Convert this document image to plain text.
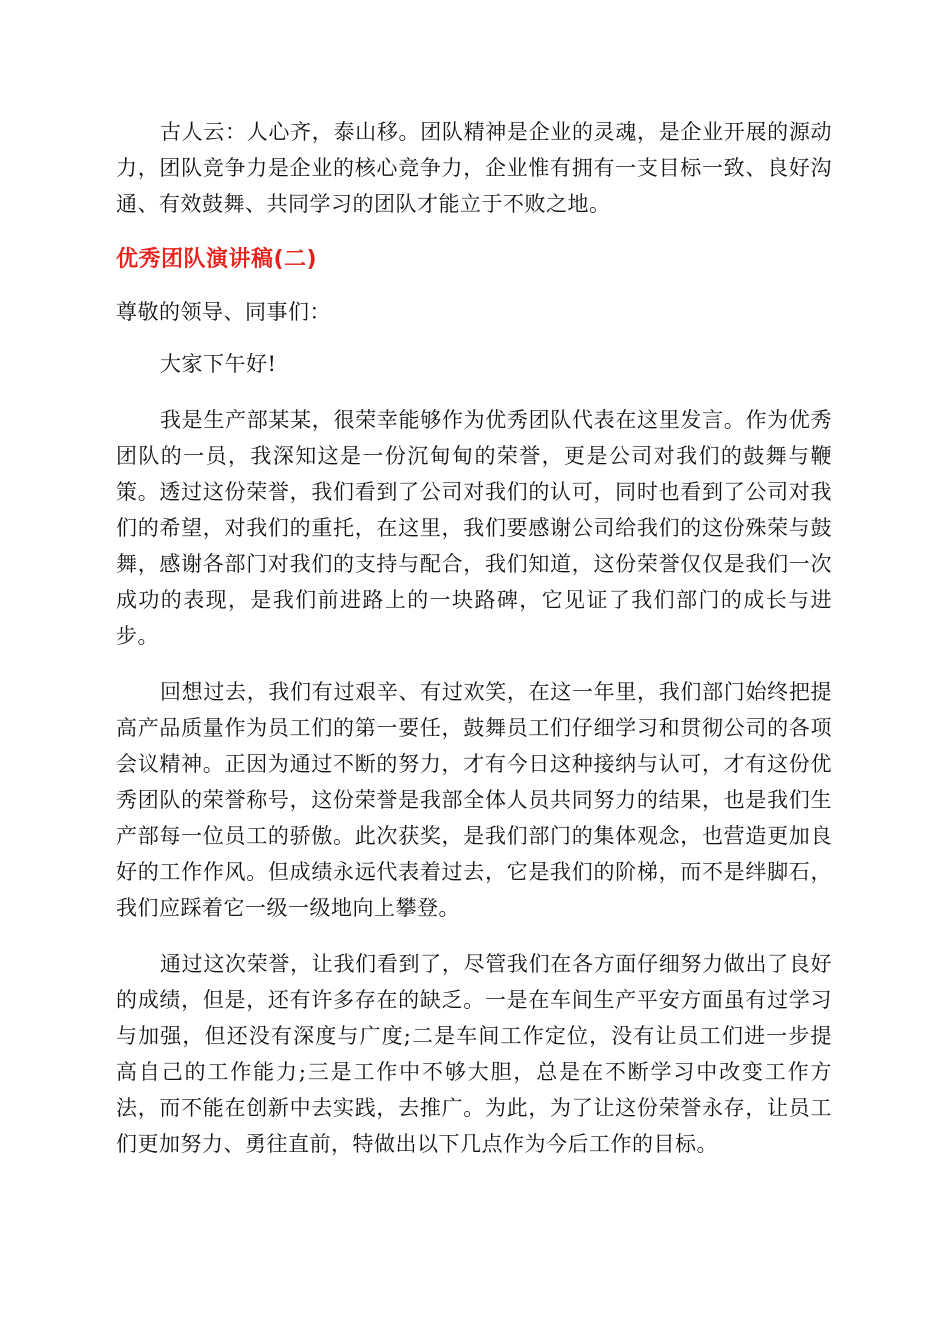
古人云：人心齐，泰山移。团队精神是企业的灵魂，是企业开展的源动力，团队竞争力是企业的核心竞争力，企业惟有拥有一支目标一致、良好沟通、有效鼓舞、共同学习的团队才能立于不败之地。

优秀团队演讲稿(二)

尊敬的领导、同事们：

大家下午好!

我是生产部某某，很荣幸能够作为优秀团队代表在这里发言。作为优秀团队的一员，我深知这是一份沉甸甸的荣誉，更是公司对我们的鼓舞与鞭策。透过这份荣誉，我们看到了公司对我们的认可，同时也看到了公司对我们的希望，对我们的重托，在这里，我们要感谢公司给我们的这份殊荣与鼓舞，感谢各部门对我们的支持与配合，我们知道，这份荣誉仅仅是我们一次成功的表现，是我们前进路上的一块路碑，它见证了我们部门的成长与进步。

回想过去，我们有过艰辛、有过欢笑，在这一年里，我们部门始终把提高产品质量作为员工们的第一要任，鼓舞员工们仔细学习和贯彻公司的各项会议精神。正因为通过不断的努力，才有今日这种接纳与认可，才有这份优秀团队的荣誉称号，这份荣誉是我部全体人员共同努力的结果，也是我们生产部每一位员工的骄傲。此次获奖，是我们部门的集体观念，也营造更加良好的工作作风。但成绩永远代表着过去，它是我们的阶梯，而不是绊脚石，我们应踩着它一级一级地向上攀登。

通过这次荣誉，让我们看到了，尽管我们在各方面仔细努力做出了良好的成绩，但是，还有许多存在的缺乏。一是在车间生产平安方面虽有过学习与加强，但还没有深度与广度;二是车间工作定位，没有让员工们进一步提高自己的工作能力;三是工作中不够大胆，总是在不断学习中改变工作方法，而不能在创新中去实践，去推广。为此，为了让这份荣誉永存，让员工们更加努力、勇往直前，特做出以下几点作为今后工作的目标。
